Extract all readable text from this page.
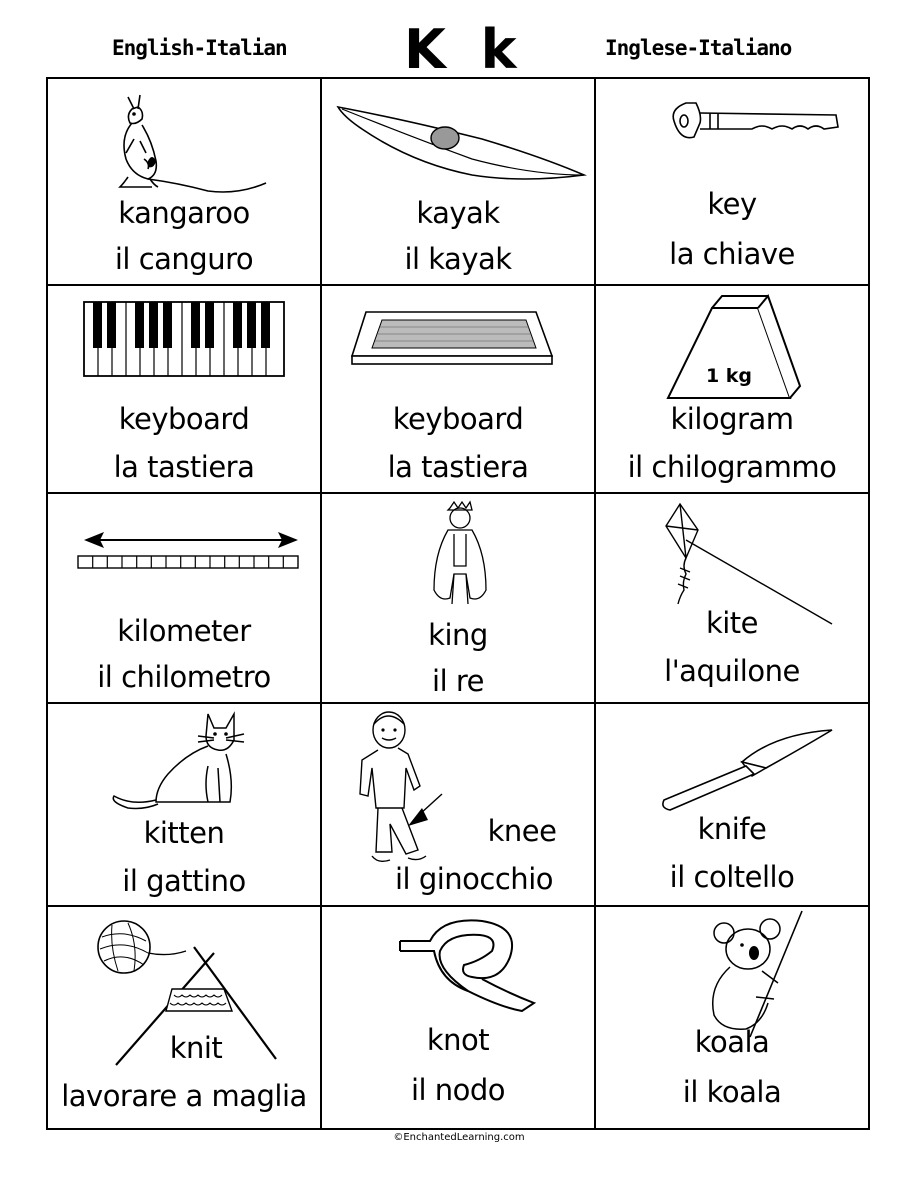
English-Italian K k	Inglese-Italiano
kangaroo
il canguro
kayak
il kayak
key
la chiave
keyboard
la tastiera
keyboard
la tastiera
1 kg
kilogram
il chilogrammo
kilometer
il chilometro
king
il re
kite
l'aquilone
kitten
il gattino
knee
il ginocchio
knife
il coltello
knit
lavorare a maglia
knot
il nodo
koala
il koala
©EnchantedLearning.com
